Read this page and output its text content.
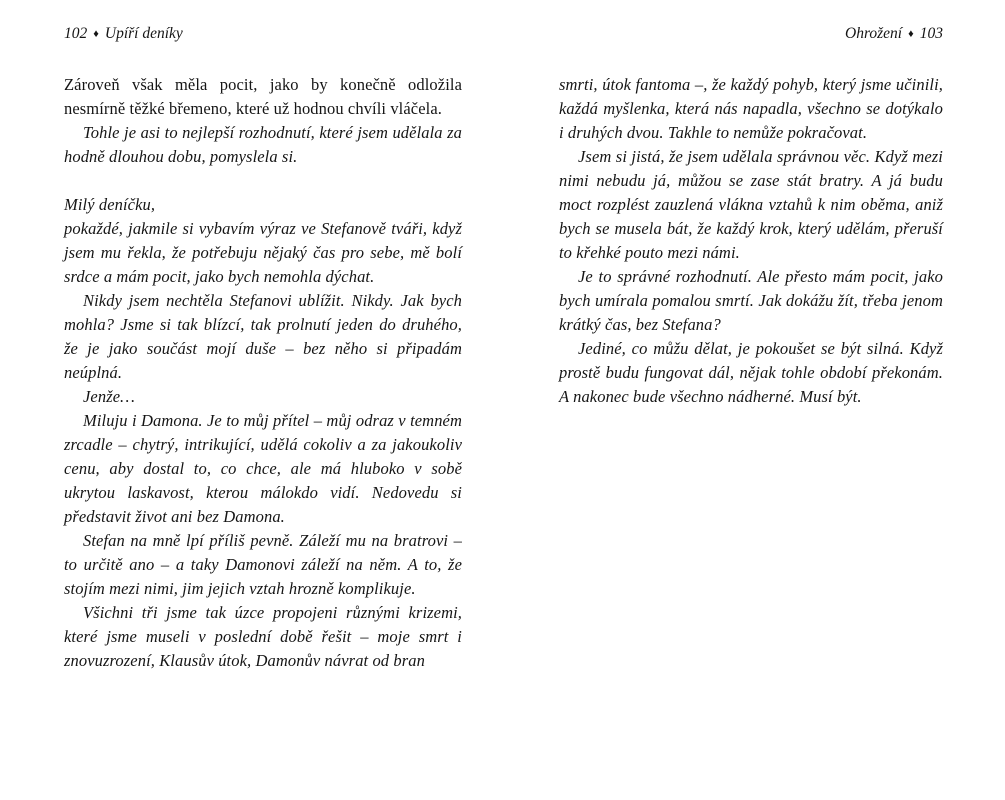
102 ♦ Upíří deníky

Zároveň však měla pocit, jako by konečně odložila nesmírně těžké břemeno, které už hodnou chvíli vláčela.

Tohle je asi to nejlepší rozhodnutí, které jsem udělala za hodně dlouhou dobu, pomyslela si.

Milý deníčku,

pokaždé, jakmile si vybavím výraz ve Stefanově tváři, když jsem mu řekla, že potřebuju nějaký čas pro sebe, mě bolí srdce a mám pocit, jako bych nemohla dýchat.

Nikdy jsem nechtěla Stefanovi ublížit. Nikdy. Jak bych mohla? Jsme si tak blízcí, tak prolnutí jeden do druhého, že je jako součást mojí duše – bez něho si připadám neúplná.

Jenže…

Miluju i Damona. Je to můj přítel – můj odraz v temném zrcadle – chytrý, intrikující, udělá cokoliv a za jakoukoliv cenu, aby dostal to, co chce, ale má hluboko v sobě ukrytou laskavost, kterou málokdo vidí. Nedovedu si představit život ani bez Damona.

Stefan na mně lpí příliš pevně. Záleží mu na bratrovi – to určitě ano – a taky Damonovi záleží na něm. A to, že stojím mezi nimi, jim jejich vztah hrozně komplikuje.

Všichni tři jsme tak úzce propojeni různými krizemi, které jsme museli v poslední době řešit – moje smrt i znovuzrození, Klausův útok, Damonův návrat od bran

Ohrožení ♦ 103

smrti, útok fantoma –, že každý pohyb, který jsme učinili, každá myšlenka, která nás napadla, všechno se dotýkalo i druhých dvou. Takhle to nemůže pokračovat.

Jsem si jistá, že jsem udělala správnou věc. Když mezi nimi nebudu já, můžou se zase stát bratry. A já budu moct rozplést zauzlená vlákna vztahů k nim oběma, aniž bych se musela bát, že každý krok, který udělám, přeruší to křehké pouto mezi námi.

Je to správné rozhodnutí. Ale přesto mám pocit, jako bych umírala pomalou smrtí. Jak dokážu žít, třeba jenom krátký čas, bez Stefana?

Jediné, co můžu dělat, je pokoušet se být silná. Když prostě budu fungovat dál, nějak tohle období překonám. A nakonec bude všechno nádherné. Musí být.
